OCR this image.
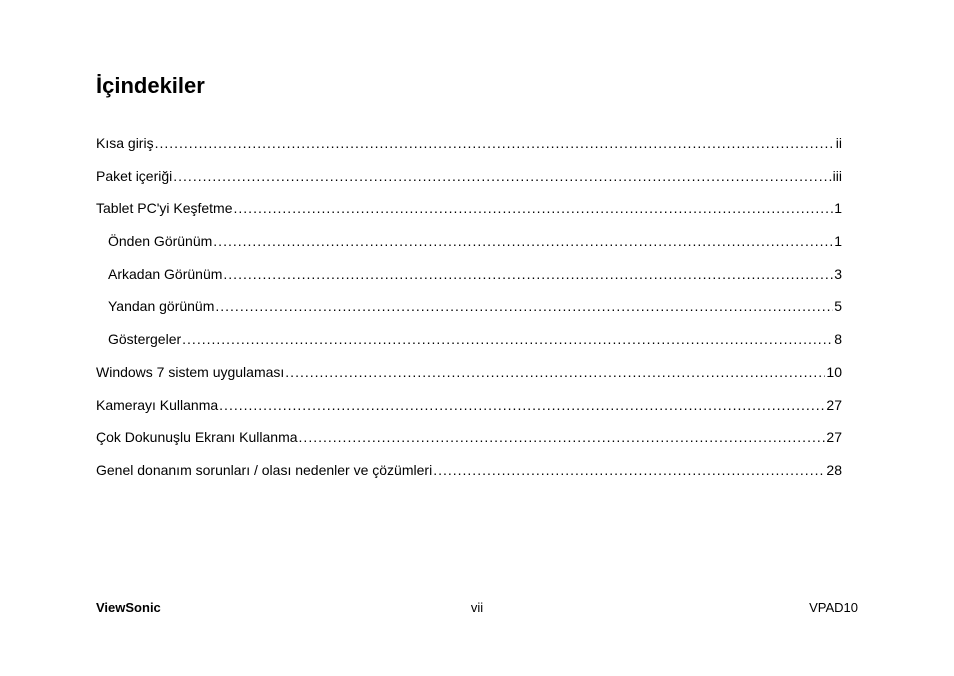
İçindekiler
Kısa giriş .....	ii
Paket içeriği .....	iii
Tablet PC'yi Keşfetme .....	1
Önden Görünüm .....	1
Arkadan Görünüm .....	3
Yandan görünüm .....	5
Göstergeler .....	8
Windows 7 sistem uygulaması .....	10
Kamerayı Kullanma .....	27
Çok Dokunuşlu Ekranı Kullanma .....	27
Genel donanım sorunları / olası nedenler ve çözümleri .....	28
ViewSonic	vii	VPAD10
